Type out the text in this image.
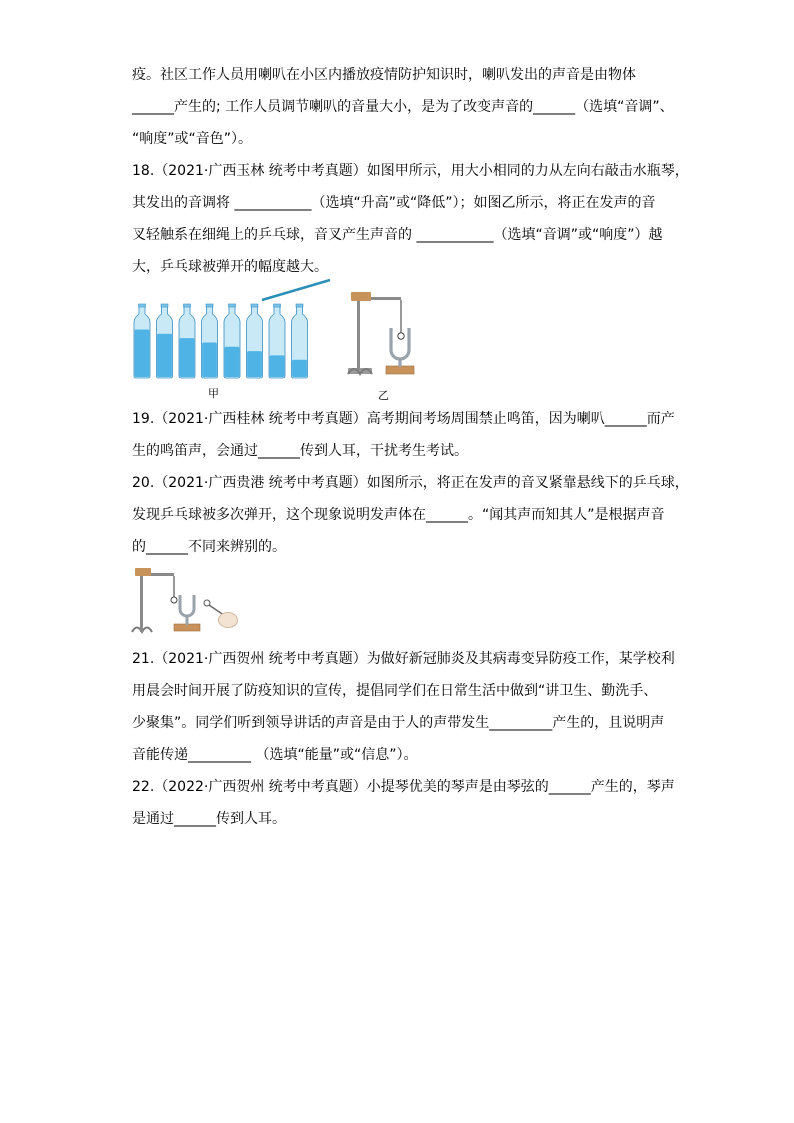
疫。社区工作人员用喇叭在小区内播放疫情防护知识时，喇叭发出的声音是由物体
______产生的; 工作人员调节喇叭的音量大小，是为了改变声音的______（选填“音调”、
“响度”或“音色”）。
18.（2021·广西玉林 统考中考真题）如图甲所示，用大小相同的力从左向右敲击水瓶琴，
其发出的音调将 ___________（选填“升高”或“降低”）；如图乙所示，将正在发声的音
叉轻触系在细绳上的乒乓球，音叉产生声音的 ___________（选填“音调”或“响度”）越
大，乒乓球被弹开的幅度越大。
甲	乙
19.（2021·广西桂林 统考中考真题）高考期间考场周围禁止鸣笛，因为喇叭______而产
生的鸣笛声，会通过______传到人耳，干扰考生考试。
20.（2021·广西贵港 统考中考真题）如图所示，将正在发声的音叉紧靠悬线下的乒乓球，
发现乒乓球被多次弹开，这个现象说明发声体在______。“闻其声而知其人”是根据声音
的______不同来辨别的。
21.（2021·广西贺州 统考中考真题）为做好新冠肺炎及其病毒变异防疫工作，某学校利
用晨会时间开展了防疫知识的宣传，提倡同学们在日常生活中做到“讲卫生、勤洗手、
少聚集”。同学们听到领导讲话的声音是由于人的声带发生_________产生的，且说明声
音能传递_________ （选填“能量”或“信息”）。
22.（2022·广西贺州 统考中考真题）小提琴优美的琴声是由琴弦的______产生的，琴声
是通过______传到人耳。
